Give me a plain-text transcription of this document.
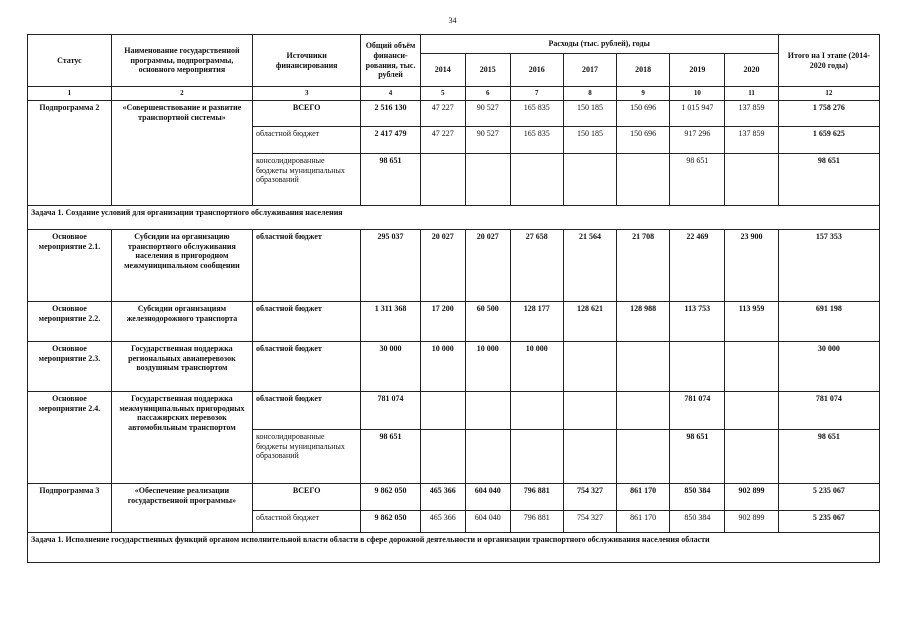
34
Статус	Наименование государственной программы, подпрограммы, основного мероприятия	Источники финансирования	Общий объём финанси-рования, тыс. рублей	Расходы (тыс. рублей), годы							Итого на I этапе (2014-2020 годы)
				2014	2015	2016	2017	2018	2019	2020	
1	2	3	4	5	6	7	8	9	10	11	12
Подпрограмма 2	«Совершенствование и развитие транспортной системы»	ВСЕГО	2 516 130	47 227	90 527	165 835	150 185	150 696	1 015 947	137 859	1 758 276
		областной бюджет	2 417 479	47 227	90 527	165 835	150 185	150 696	917 296	137 859	1 659 625
		консолидированные бюджеты муниципальных образований	98 651						98 651		98 651
Задача 1. Создание условий для организации транспортного обслуживания населения											
Основное мероприятие 2.1.	Субсидии на организацию транспортного обслуживания населения в пригородном межмуниципальном сообщении	областной бюджет	295 037	20 027	20 027	27 658	21 564	21 708	22 469	23 900	157 353
Основное мероприятие 2.2.	Субсидии организациям железнодорожного транспорта	областной бюджет	1 311 368	17 200	60 500	128 177	128 621	128 988	113 753	113 959	691 198
Основное мероприятие 2.3.	Государственная поддержка региональных авиаперевозок воздушным транспортом	областной бюджет	30 000	10 000	10 000	10 000					30 000
Основное мероприятие 2.4.	Государственная поддержка межмуниципальных пригородных пассажирских перевозок автомобильным транспортом	областной бюджет	781 074						781 074		781 074
		консолидированные бюджеты муниципальных образований	98 651						98 651		98 651
Подпрограмма 3	«Обеспечение реализации государственной программы»	ВСЕГО	9 862 050	465 366	604 040	796 881	754 327	861 170	850 384	902 899	5 235 067
		областной бюджет	9 862 050	465 366	604 040	796 881	754 327	861 170	850 384	902 899	5 235 067
Задача 1. Исполнение государственных функций органом исполнительной власти области в сфере дорожной деятельности и организации транспортного обслуживания населения области											
